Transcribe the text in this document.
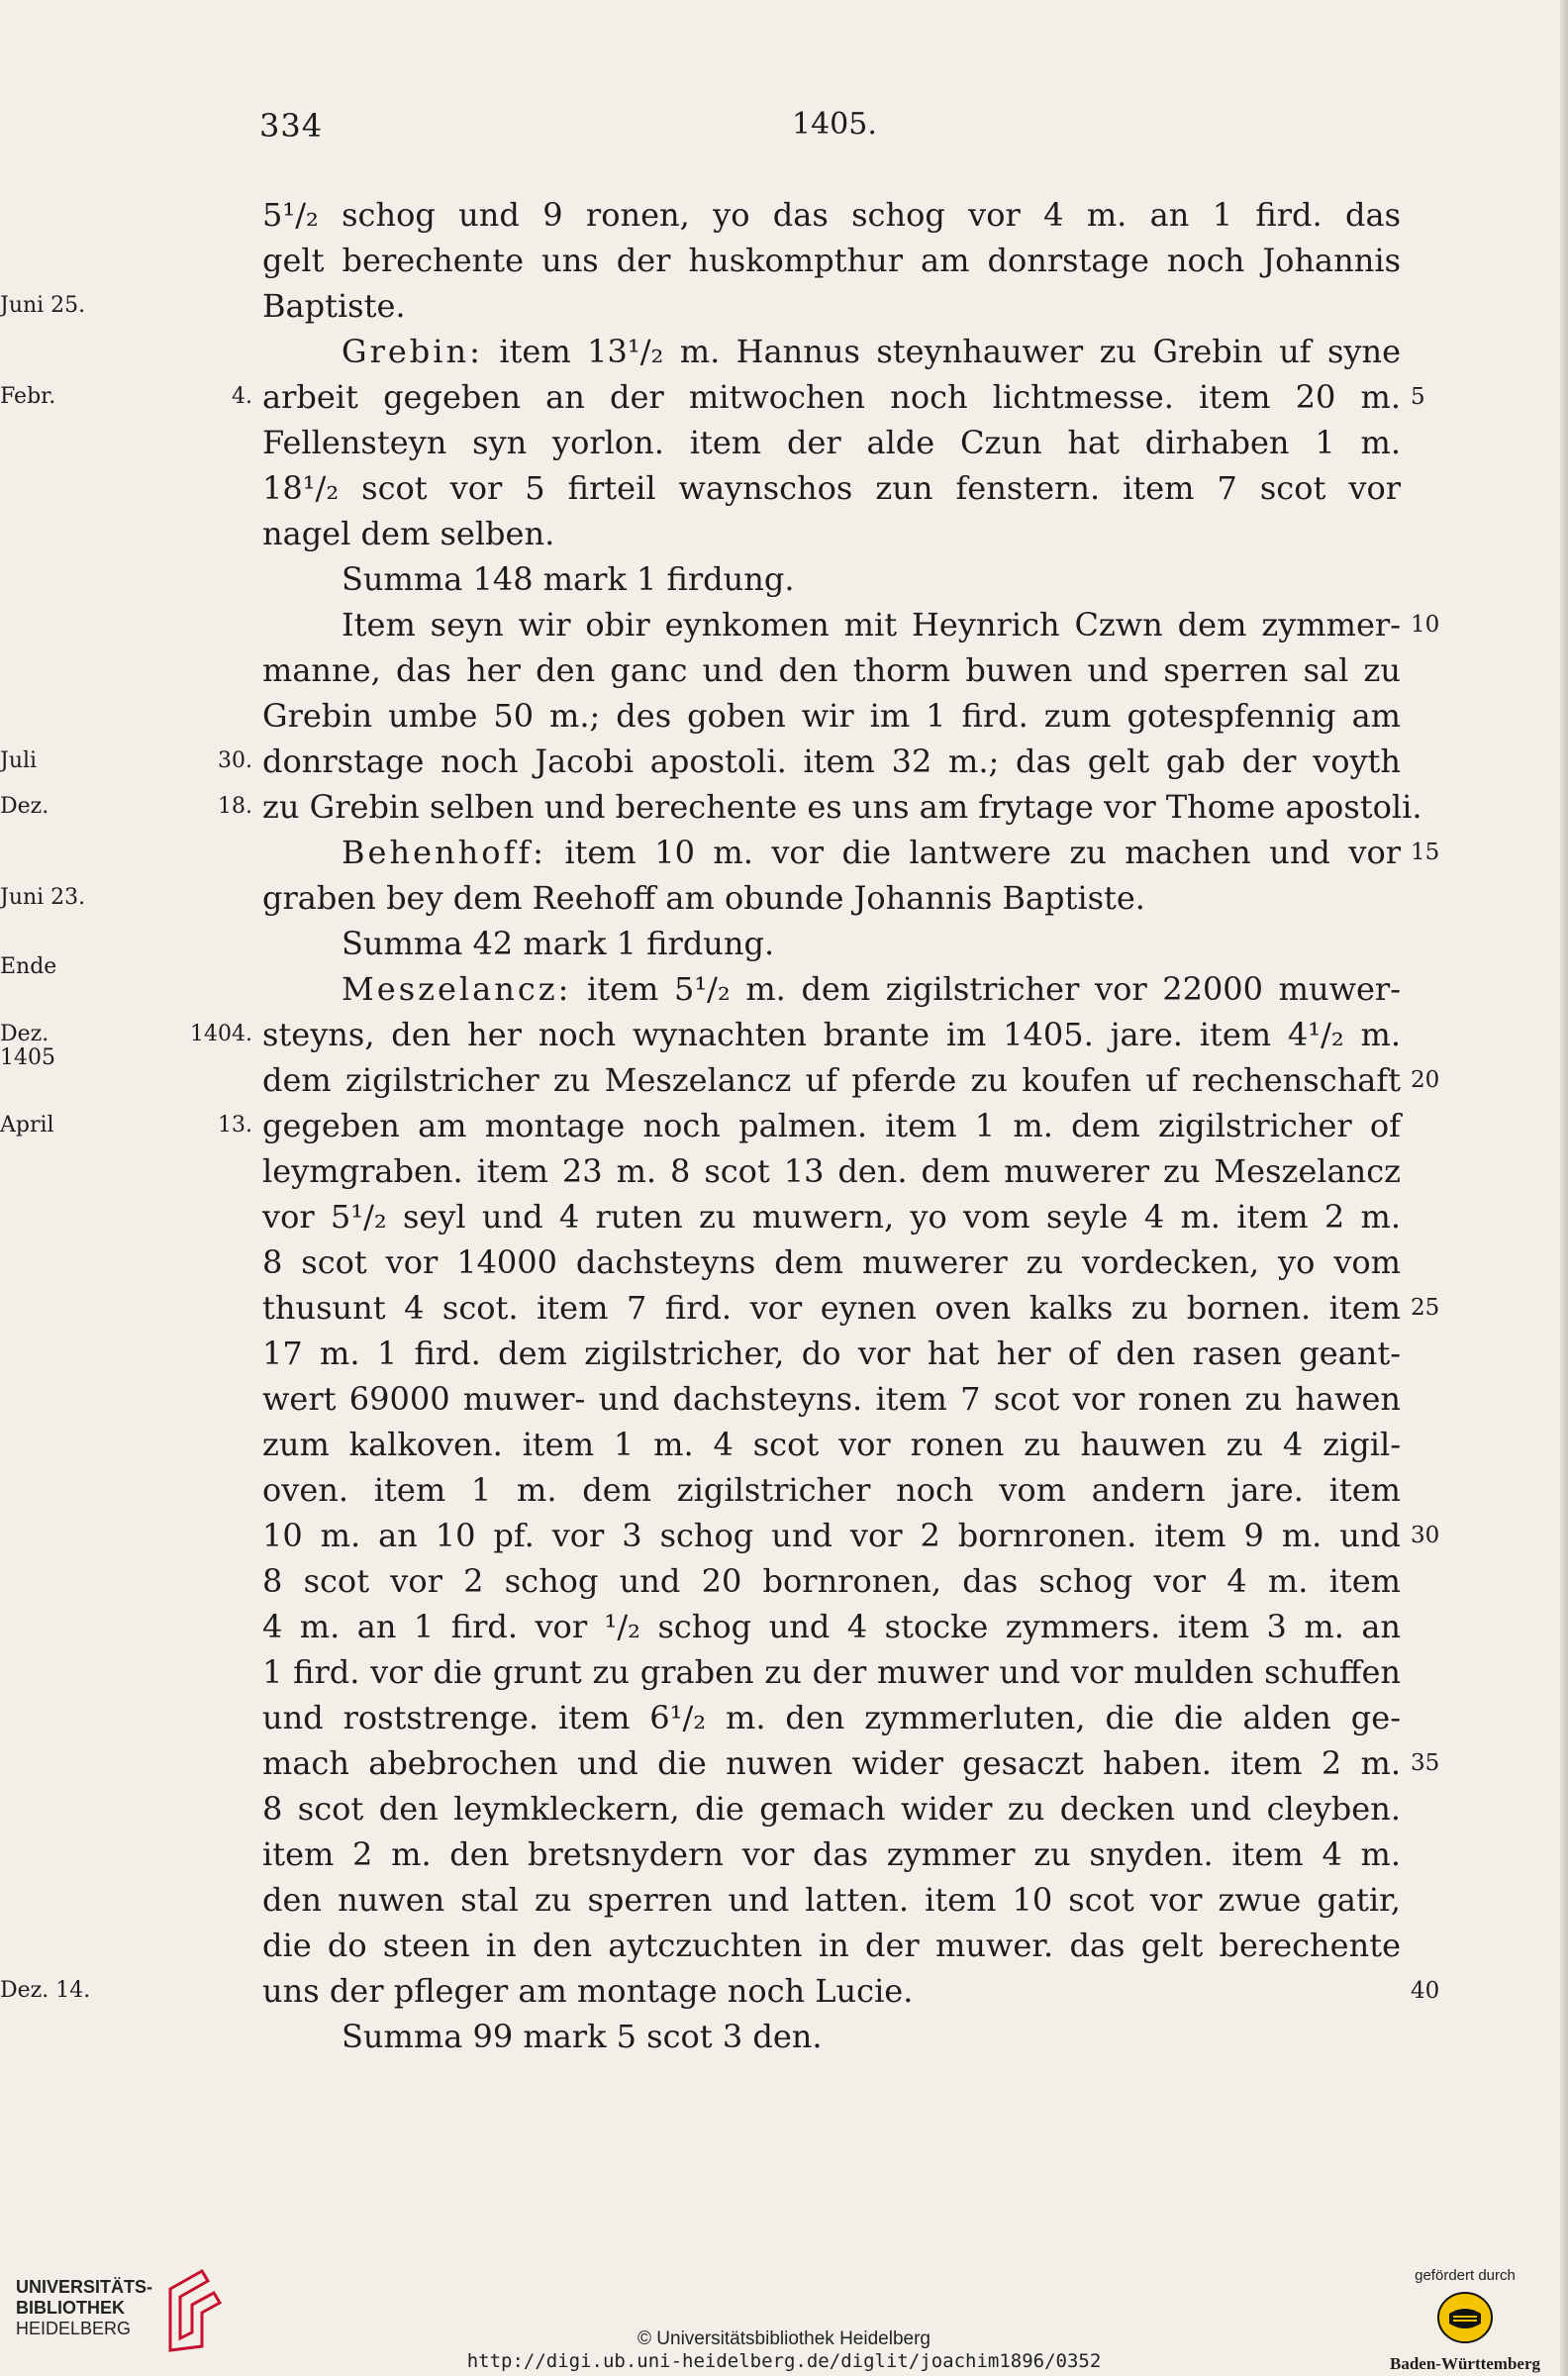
334	1405.
5¹/₂ schog und 9 ronen, yo das schog vor 4 m. an 1 fird. das
gelt berechente uns der huskompthur am donrstage noch Johannis
Baptiste.
Juni 25.
Grebin: item 13¹/₂ m. Hannus steynhauwer zu Grebin uf syne
arbeit gegeben an der mitwochen noch lichtmesse. item 20 m.
Febr. 4.	5
Fellensteyn syn yorlon. item der alde Czun hat dirhaben 1 m.
18¹/₂ scot vor 5 firteil waynschos zun fenstern. item 7 scot vor
nagel dem selben.
Summa 148 mark 1 firdung.
Item seyn wir obir eynkomen mit Heynrich Czwn dem zymmer- 10
manne, das her den ganc und den thorm buwen und sperren sal zu
Grebin umbe 50 m.; des goben wir im 1 fird. zum gotespfennig am
donrstage noch Jacobi apostoli. item 32 m.; das gelt gab der voyth
Juli 30.
zu Grebin selben und berechente es uns am frytage vor Thome apostoli.
Dez. 18.
Behenhoff: item 10 m. vor die lantwere zu machen und vor 15
graben bey dem Reehoff am obunde Johannis Baptiste.
Juni 23.
Summa 42 mark 1 firdung.
Meszelancz: item 5¹/₂ m. dem zigilstricher vor 22000 muwer-
Ende
steyns, den her noch wynachten brante im 1405. jare. item 4¹/₂ m.
Dez. 1404.
dem zigilstricher zu Meszelancz uf pferde zu koufen uf rechenschaft
1405
20
gegeben am montage noch palmen. item 1 m. dem zigilstricher of
April 13.
leymgraben. item 23 m. 8 scot 13 den. dem muwerer zu Meszelancz
vor 5¹/₂ seyl und 4 ruten zu muwern, yo vom seyle 4 m. item 2 m.
8 scot vor 14000 dachsteyns dem muwerer zu vordecken, yo vom
thusunt 4 scot. item 7 fird. vor eynen oven kalks zu bornen. item 25
17 m. 1 fird. dem zigilstricher, do vor hat her of den rasen geant-
wert 69000 muwer- und dachsteyns. item 7 scot vor ronen zu hawen
zum kalkoven. item 1 m. 4 scot vor ronen zu hauwen zu 4 zigil-
oven. item 1 m. dem zigilstricher noch vom andern jare. item
10 m. an 10 pf. vor 3 schog und vor 2 bornronen. item 9 m. und 30
8 scot vor 2 schog und 20 bornronen, das schog vor 4 m. item
4 m. an 1 fird. vor ¹/₂ schog und 4 stocke zymmers. item 3 m. an
1 fird. vor die grunt zu graben zu der muwer und vor mulden schuffen
und roststrenge. item 6¹/₂ m. den zymmerluten, die die alden ge-
mach abebrochen und die nuwen wider gesaczt haben. item 2 m. 35
8 scot den leymkleckern, die gemach wider zu decken und cleyben.
item 2 m. den bretsnydern vor das zymmer zu snyden. item 4 m.
den nuwen stal zu sperren und latten. item 10 scot vor zwue gatir,
die do steen in den aytczuchten in der muwer. das gelt berechente
uns der pfleger am montage noch Lucie.
Dez. 14.	40
Summa 99 mark 5 scot 3 den.
UNIVERSITÄTS-
BIBLIOTHEK
HEIDELBERG	© Universitätsbibliothek Heidelberg
http://digi.ub.uni-heidelberg.de/diglit/joachim1896/0352
gefördert durch
Baden-Württemberg
